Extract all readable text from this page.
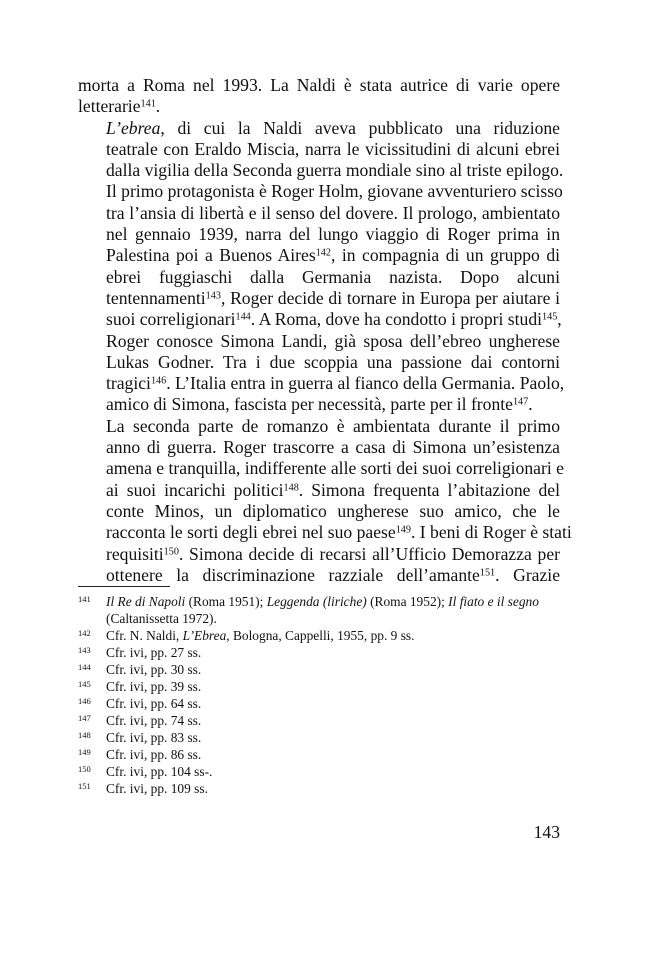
morta a Roma nel 1993. La Naldi è stata autrice di varie opere
letterarie$^{141}$.

L’ebrea, di cui la Naldi aveva pubblicato una riduzione
teatrale con Eraldo Miscia, narra le vicissitudini di alcuni ebrei
dalla vigilia della Seconda guerra mondiale sino al triste epilogo.
Il primo protagonista è Roger Holm, giovane avventuriero scisso
tra l’ansia di libertà e il senso del dovere. Il prologo, ambientato
nel gennaio 1939, narra del lungo viaggio di Roger prima in
Palestina poi a Buenos Aires$^{142}$, in compagnia di un gruppo di
ebrei fuggiaschi dalla Germania nazista. Dopo alcuni
tentennamenti$^{143}$, Roger decide di tornare in Europa per aiutare i
suoi correligionari$^{144}$. A Roma, dove ha condotto i propri studi$^{145}$,
Roger conosce Simona Landi, già sposa dell’ebreo ungherese
Lukas Godner. Tra i due scoppia una passione dai contorni
tragici$^{146}$. L’Italia entra in guerra al fianco della Germania. Paolo,
amico di Simona, fascista per necessità, parte per il fronte$^{147}$.

La seconda parte de romanzo è ambientata durante il primo
anno di guerra. Roger trascorre a casa di Simona un’esistenza
amena e tranquilla, indifferente alle sorti dei suoi correligionari e
ai suoi incarichi politici$^{148}$. Simona frequenta l’abitazione del
conte Minos, un diplomatico ungherese suo amico, che le
racconta le sorti degli ebrei nel suo paese$^{149}$. I beni di Roger è stati
requisiti$^{150}$. Simona decide di recarsi all’Ufficio Demorazza per
ottenere la discriminazione razziale dell’amante$^{151}$. Grazie

141 Il Re di Napoli (Roma 1951); Leggenda (liriche) (Roma 1952); Il fiato e il segno (Caltanissetta 1972).

142 Cfr. N. Naldi, L’Ebrea, Bologna, Cappelli, 1955, pp. 9 ss.

143 Cfr. ivi, pp. 27 ss.

144 Cfr. ivi, pp. 30 ss.

145 Cfr. ivi, pp. 39 ss.

146 Cfr. ivi, pp. 64 ss.

147 Cfr. ivi, pp. 74 ss.

148 Cfr. ivi, pp. 83 ss.

149 Cfr. ivi, pp. 86 ss.

150 Cfr. ivi, pp. 104 ss-.

151 Cfr. ivi, pp. 109 ss.

143
